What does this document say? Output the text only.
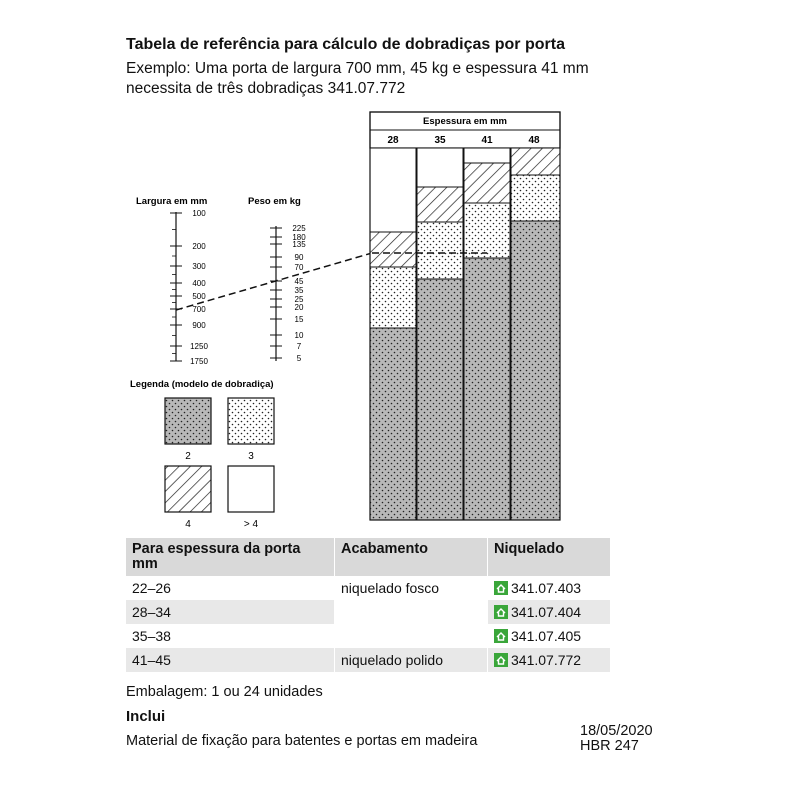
Tabela de referência para cálculo de dobradiças por porta
Exemplo: Uma porta de largura 700 mm, 45 kg e espessura 41 mm
necessita de três dobradiças 341.07.772
Largura em mm
100
200
300
400
500
700
900
1250
1750
Peso em kg
225
180
135
90
70
45
35
25
20
15
10
7
5
Espessura em mm
28	35	41	48
Legenda (modelo de dobradiça)
2	3
4	> 4
Para espessura da porta mm	Acabamento	Niquelado
22–26	niquelado fosco	341.07.403
28–34		341.07.404
35–38		341.07.405
41–45	niquelado polido	341.07.772
Embalagem: 1 ou 24 unidades
Inclui
Material de fixação para batentes e portas em madeira
18/05/2020
HBR 247
